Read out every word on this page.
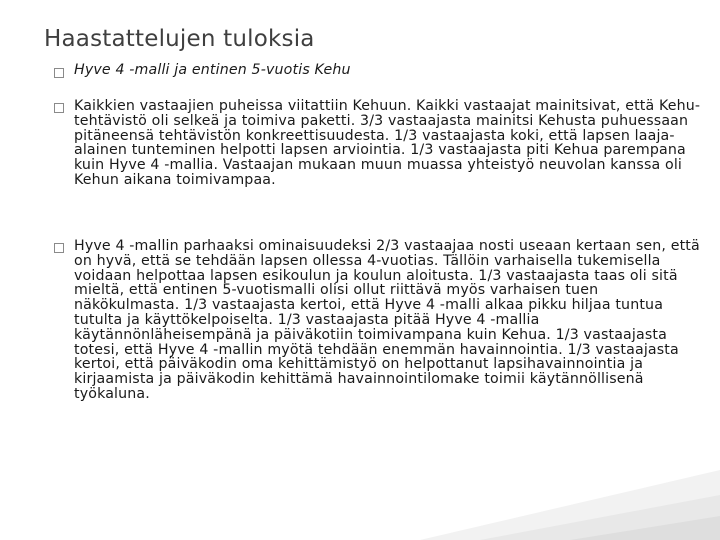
Haastattelujen tuloksia
Hyve 4 -malli ja entinen 5-vuotis Kehu
Kaikkien vastaajien puheissa viitattiin Kehuun. Kaikki vastaajat mainitsivat, että Kehu-tehtävistö oli selkeä ja toimiva paketti. 3/3 vastaajasta mainitsi Kehusta puhuessaan pitäneensä tehtävistön konkreettisuudesta. 1/3 vastaajasta koki, että lapsen laaja-alainen tunteminen helpotti lapsen arviointia. 1/3 vastaajasta piti Kehua parempana kuin Hyve 4 -mallia. Vastaajan mukaan muun muassa yhteistyö neuvolan kanssa oli Kehun aikana toimivampaa.
Hyve 4 -mallin parhaaksi ominaisuudeksi 2/3 vastaajaa nosti useaan kertaan sen, että on hyvä, että se tehdään lapsen ollessa 4-vuotias. Tällöin varhaisella tukemisella voidaan helpottaa lapsen esikoulun ja koulun aloitusta. 1/3 vastaajasta taas oli sitä mieltä, että entinen 5-vuotismalli olisi ollut riittävä myös varhaisen tuen näkökulmasta. 1/3 vastaajasta kertoi, että Hyve 4 -malli alkaa pikku hiljaa tuntua tutulta ja käyttökelpoiselta. 1/3 vastaajasta pitää Hyve 4 -mallia käytännönläheisempänä ja päiväkotiin toimivampana kuin Kehua. 1/3 vastaajasta totesi, että Hyve 4 -mallin myötä tehdään enemmän havainnointia. 1/3 vastaajasta kertoi, että päiväkodin oma kehittämistyö on helpottanut lapsihavainnointia ja kirjaamista ja päiväkodin kehittämä havainnointilomake toimii käytännöllisenä työkaluna.
